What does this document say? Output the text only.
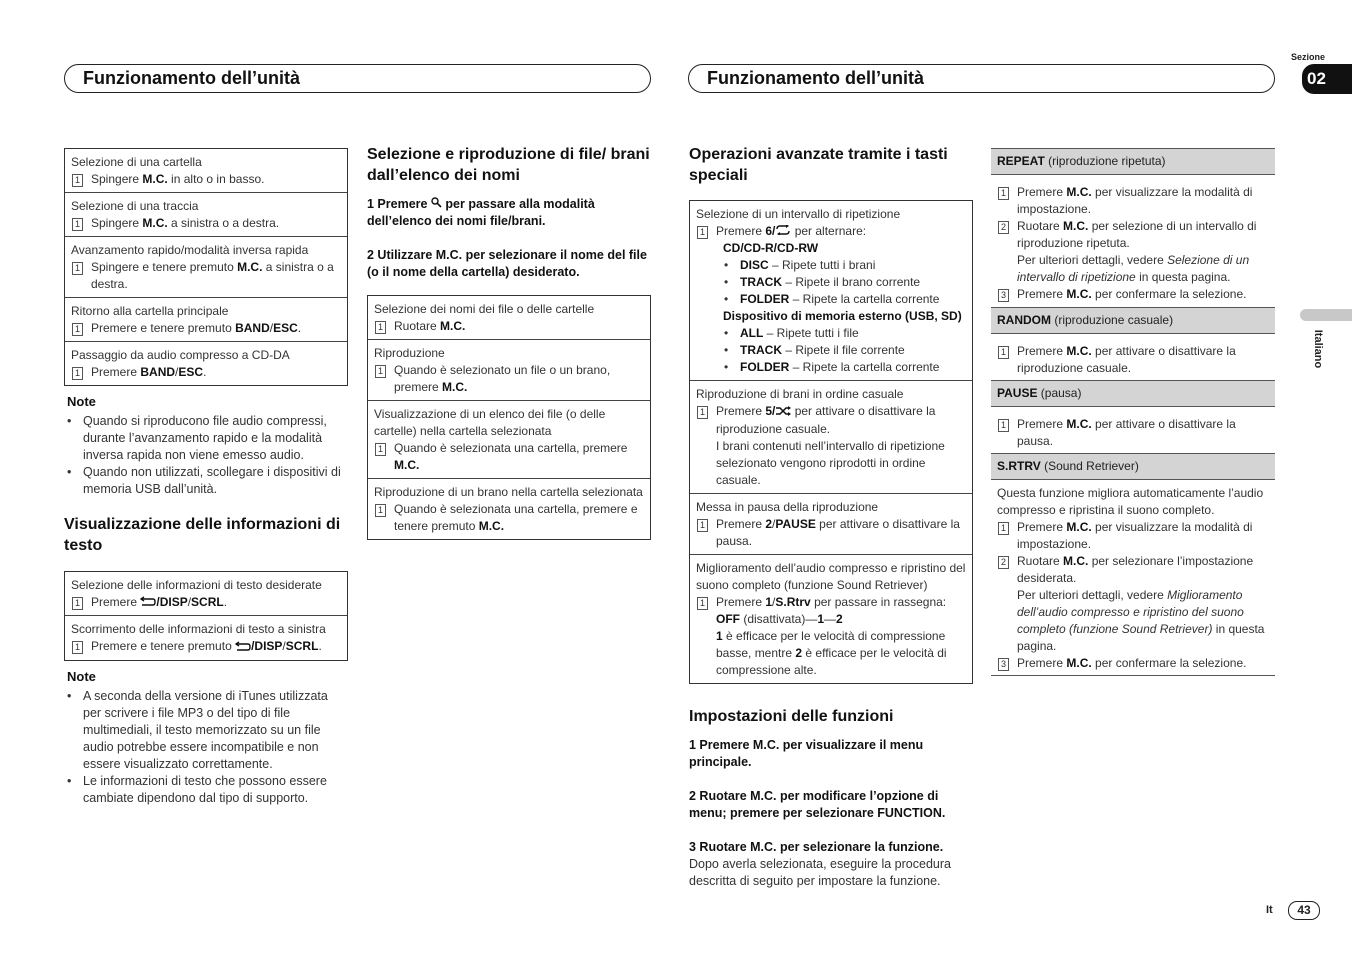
Funzionamento dell’unità	Funzionamento dell’unità
Sezione
02
Italiano
Selezione di una cartella
1 Spingere M.C. in alto o in basso.
Selezione di una traccia
1 Spingere M.C. a sinistra o a destra.
Avanzamento rapido/modalità inversa rapida
1 Spingere e tenere premuto M.C. a sinistra o a destra.
Ritorno alla cartella principale
1 Premere e tenere premuto BAND/ESC.
Passaggio da audio compresso a CD-DA
1 Premere BAND/ESC.
Note
• Quando si riproducono file audio compressi, durante l’avanzamento rapido e la modalità inversa rapida non viene emesso audio.
• Quando non utilizzati, scollegare i dispositivi di memoria USB dall’unità.
Visualizzazione delle informazioni di testo
Selezione delle informazioni di testo desiderate
1 Premere /DISP/SCRL.
Scorrimento delle informazioni di testo a sinistra
1 Premere e tenere premuto /DISP/SCRL.
Note
• A seconda della versione di iTunes utilizzata per scrivere i file MP3 o del tipo di file multimediali, il testo memorizzato su un file audio potrebbe essere incompatibile e non essere visualizzato correttamente.
• Le informazioni di testo che possono essere cambiate dipendono dal tipo di supporto.
Selezione e riproduzione di file/ brani dall’elenco dei nomi
1 Premere  per passare alla modalità dell’elenco dei nomi file/brani.
2 Utilizzare M.C. per selezionare il nome del file (o il nome della cartella) desiderato.
Selezione dei nomi dei file o delle cartelle
1 Ruotare M.C.
Riproduzione
1 Quando è selezionato un file o un brano, premere M.C.
Visualizzazione di un elenco dei file (o delle cartelle) nella cartella selezionata
1 Quando è selezionata una cartella, premere M.C.
Riproduzione di un brano nella cartella selezionata
1 Quando è selezionata una cartella, premere e tenere premuto M.C.
Operazioni avanzate tramite i tasti speciali
Selezione di un intervallo di ripetizione
1 Premere 6/ per alternare:
CD/CD-R/CD-RW
• DISC – Ripete tutti i brani
• TRACK – Ripete il brano corrente
• FOLDER – Ripete la cartella corrente
Dispositivo di memoria esterno (USB, SD)
• ALL – Ripete tutti i file
• TRACK – Ripete il file corrente
• FOLDER – Ripete la cartella corrente
Riproduzione di brani in ordine casuale
1 Premere 5/ per attivare o disattivare la riproduzione casuale.
I brani contenuti nell’intervallo di ripetizione selezionato vengono riprodotti in ordine casuale.
Messa in pausa della riproduzione
1 Premere 2/PAUSE per attivare o disattivare la pausa.
Miglioramento dell’audio compresso e ripristino del suono completo (funzione Sound Retriever)
1 Premere 1/S.Rtrv per passare in rassegna:
OFF (disattivata)—1—2
1 è efficace per le velocità di compressione basse, mentre 2 è efficace per le velocità di compressione alte.
Impostazioni delle funzioni
1 Premere M.C. per visualizzare il menu principale.
2 Ruotare M.C. per modificare l’opzione di menu; premere per selezionare FUNCTION.
3 Ruotare M.C. per selezionare la funzione.
Dopo averla selezionata, eseguire la procedura descritta di seguito per impostare la funzione.
REPEAT (riproduzione ripetuta)
1 Premere M.C. per visualizzare la modalità di impostazione.
2 Ruotare M.C. per selezione di un intervallo di riproduzione ripetuta.
Per ulteriori dettagli, vedere Selezione di un intervallo di ripetizione in questa pagina.
3 Premere M.C. per confermare la selezione.
RANDOM (riproduzione casuale)
1 Premere M.C. per attivare o disattivare la riproduzione casuale.
PAUSE (pausa)
1 Premere M.C. per attivare o disattivare la pausa.
S.RTRV (Sound Retriever)
Questa funzione migliora automaticamente l’audio compresso e ripristina il suono completo.
1 Premere M.C. per visualizzare la modalità di impostazione.
2 Ruotare M.C. per selezionare l’impostazione desiderata.
Per ulteriori dettagli, vedere Miglioramento dell’audio compresso e ripristino del suono completo (funzione Sound Retriever) in questa pagina.
3 Premere M.C. per confermare la selezione.
It	43
